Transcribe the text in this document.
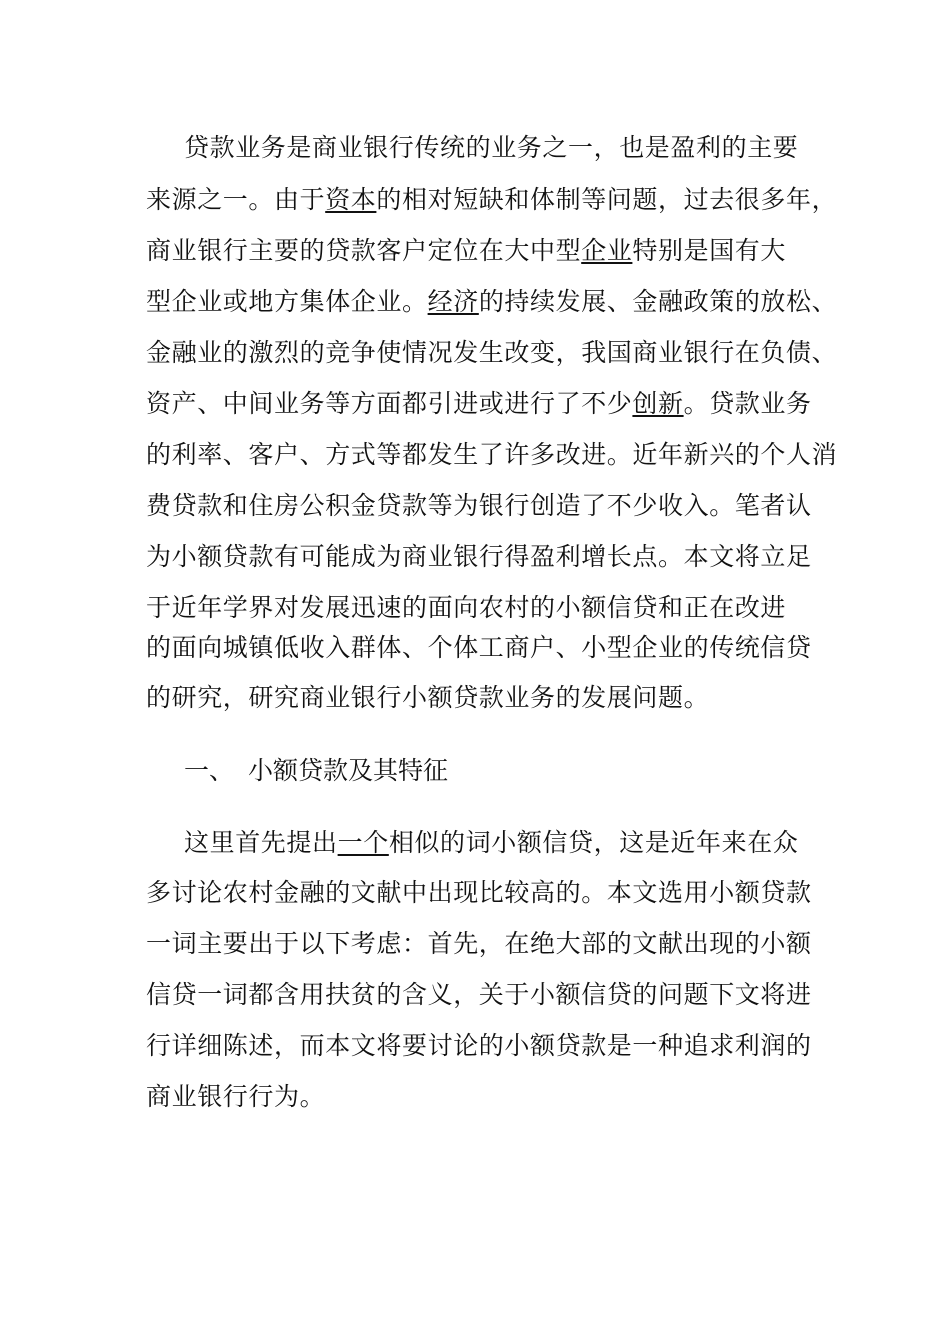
贷款业务是商业银行传统的业务之一，也是盈利的主要
来源之一。由于资本的相对短缺和体制等问题，过去很多年，
商业银行主要的贷款客户定位在大中型企业特别是国有大
型企业或地方集体企业。经济的持续发展、金融政策的放松、
金融业的激烈的竞争使情况发生改变，我国商业银行在负债、
资产、中间业务等方面都引进或进行了不少创新。贷款业务
的利率、客户、方式等都发生了许多改进。近年新兴的个人消
费贷款和住房公积金贷款等为银行创造了不少收入。笔者认
为小额贷款有可能成为商业银行得盈利增长点。本文将立足
于近年学界对发展迅速的面向农村的小额信贷和正在改进
的面向城镇低收入群体、个体工商户、小型企业的传统信贷
的研究，研究商业银行小额贷款业务的发展问题。
一、 小额贷款及其特征
这里首先提出一个相似的词小额信贷，这是近年来在众
多讨论农村金融的文献中出现比较高的。本文选用小额贷款
一词主要出于以下考虑：首先，在绝大部的文献出现的小额
信贷一词都含用扶贫的含义，关于小额信贷的问题下文将进
行详细陈述，而本文将要讨论的小额贷款是一种追求利润的
商业银行行为。
